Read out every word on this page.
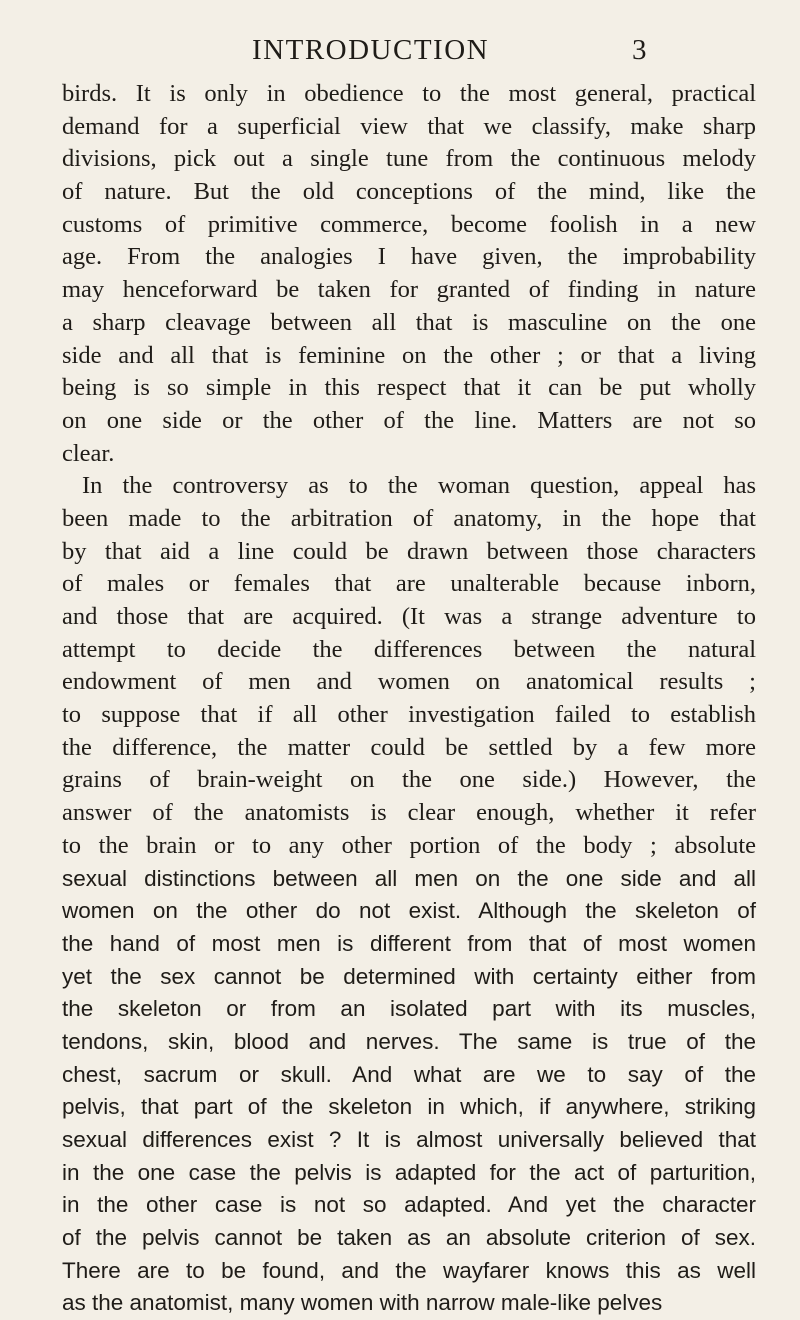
INTRODUCTION	3
birds. It is only in obedience to the most general, practical
demand for a superficial view that we classify, make sharp
divisions, pick out a single tune from the continuous melody
of nature. But the old conceptions of the mind, like the
customs of primitive commerce, become foolish in a new
age. From the analogies I have given, the improbability
may henceforward be taken for granted of finding in nature
a sharp cleavage between all that is masculine on the one
side and all that is feminine on the other ; or that a living
being is so simple in this respect that it can be put wholly
on one side or the other of the line. Matters are not so
clear.
In the controversy as to the woman question, appeal has
been made to the arbitration of anatomy, in the hope that
by that aid a line could be drawn between those characters
of males or females that are unalterable because inborn,
and those that are acquired. (It was a strange adventure to
attempt to decide the differences between the natural
endowment of men and women on anatomical results ;
to suppose that if all other investigation failed to establish
the difference, the matter could be settled by a few more
grains of brain-weight on the one side.) However, the
answer of the anatomists is clear enough, whether it refer
to the brain or to any other portion of the body ; absolute
sexual distinctions between all men on the one side and all
women on the other do not exist. Although the skeleton of
the hand of most men is different from that of most women
yet the sex cannot be determined with certainty either from
the skeleton or from an isolated part with its muscles,
tendons, skin, blood and nerves. The same is true of the
chest, sacrum or skull. And what are we to say of the
pelvis, that part of the skeleton in which, if anywhere, striking
sexual differences exist ? It is almost universally believed that
in the one case the pelvis is adapted for the act of parturition,
in the other case is not so adapted. And yet the character
of the pelvis cannot be taken as an absolute criterion of sex.
There are to be found, and the wayfarer knows this as well
as the anatomist, many women with narrow male-like pelves
